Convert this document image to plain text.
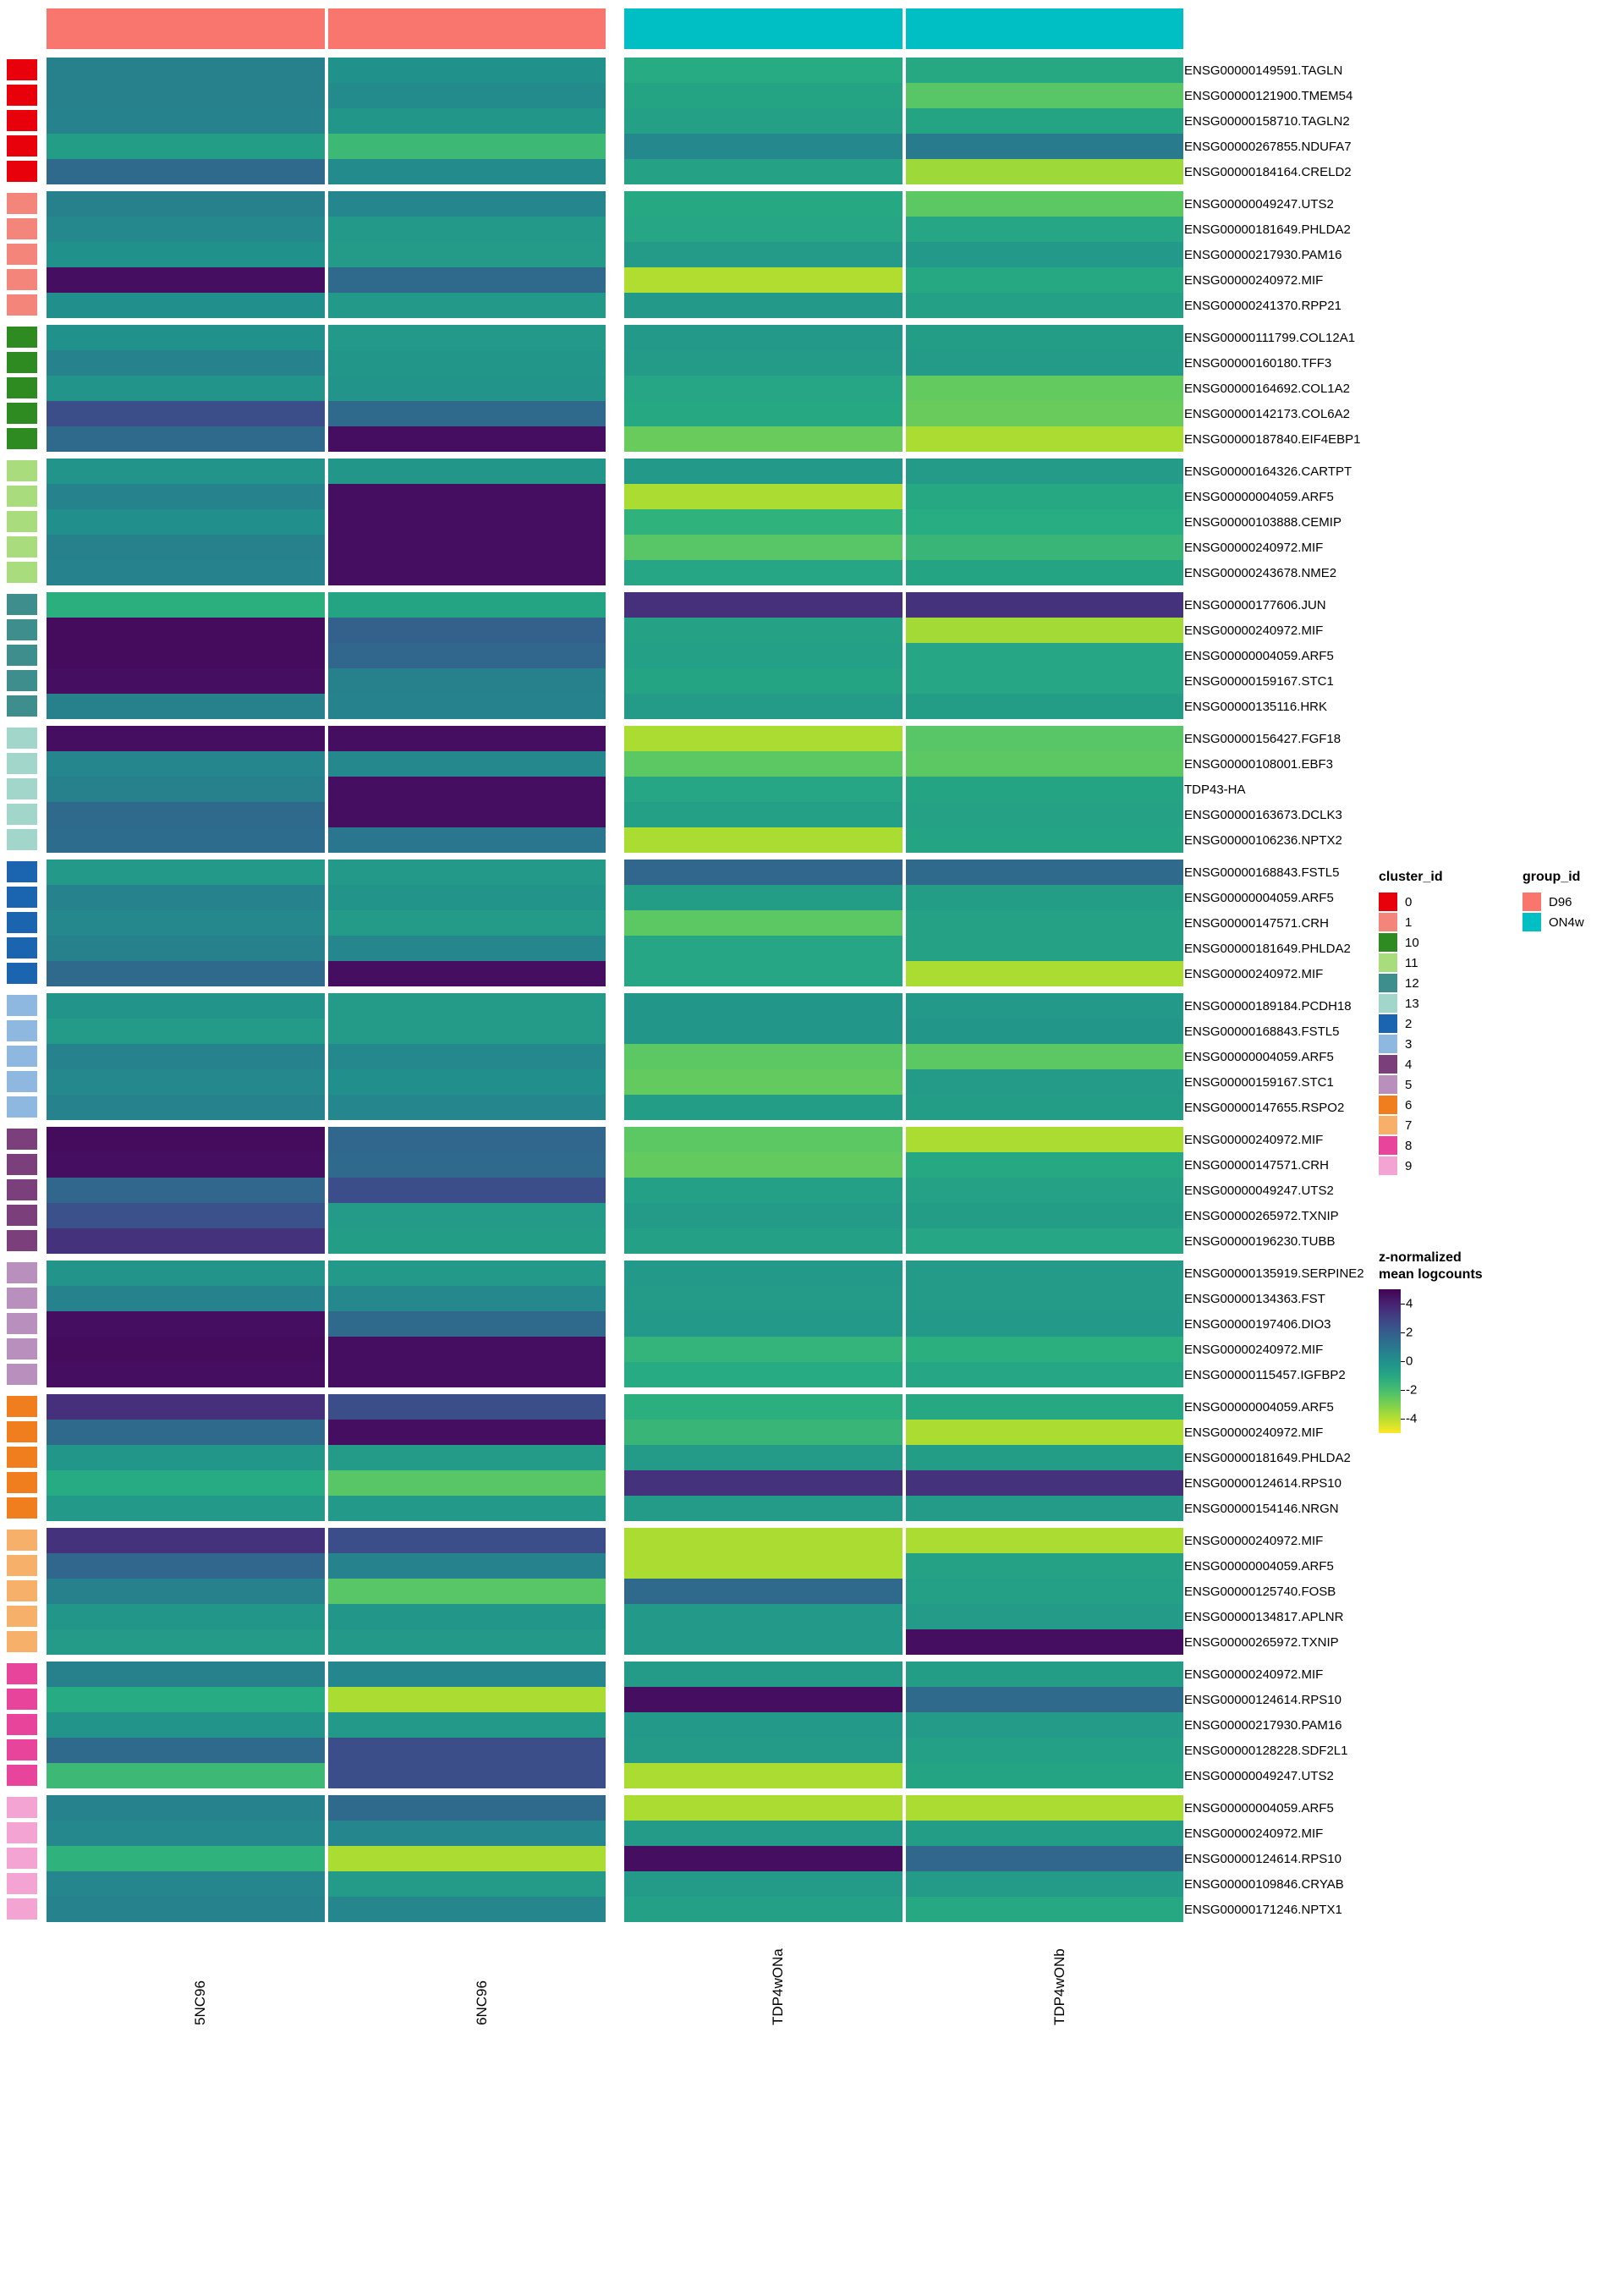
ENSG00000149591.TAGLN
ENSG00000121900.TMEM54
ENSG00000158710.TAGLN2
ENSG00000267855.NDUFA7
ENSG00000184164.CRELD2
ENSG00000049247.UTS2
ENSG00000181649.PHLDA2
ENSG00000217930.PAM16
ENSG00000240972.MIF
ENSG00000241370.RPP21
ENSG00000111799.COL12A1
ENSG00000160180.TFF3
ENSG00000164692.COL1A2
ENSG00000142173.COL6A2
ENSG00000187840.EIF4EBP1
ENSG00000164326.CARTPT
ENSG00000004059.ARF5
ENSG00000103888.CEMIP
ENSG00000240972.MIF
ENSG00000243678.NME2
ENSG00000177606.JUN
ENSG00000240972.MIF
ENSG00000004059.ARF5
ENSG00000159167.STC1
ENSG00000135116.HRK
ENSG00000156427.FGF18
ENSG00000108001.EBF3
TDP43-HA
ENSG00000163673.DCLK3
ENSG00000106236.NPTX2
ENSG00000168843.FSTL5
ENSG00000004059.ARF5
ENSG00000147571.CRH
ENSG00000181649.PHLDA2
ENSG00000240972.MIF
ENSG00000189184.PCDH18
ENSG00000168843.FSTL5
ENSG00000004059.ARF5
ENSG00000159167.STC1
ENSG00000147655.RSPO2
ENSG00000240972.MIF
ENSG00000147571.CRH
ENSG00000049247.UTS2
ENSG00000265972.TXNIP
ENSG00000196230.TUBB
ENSG00000135919.SERPINE2
ENSG00000134363.FST
ENSG00000197406.DIO3
ENSG00000240972.MIF
ENSG00000115457.IGFBP2
ENSG00000004059.ARF5
ENSG00000240972.MIF
ENSG00000181649.PHLDA2
ENSG00000124614.RPS10
ENSG00000154146.NRGN
ENSG00000240972.MIF
ENSG00000004059.ARF5
ENSG00000125740.FOSB
ENSG00000134817.APLNR
ENSG00000265972.TXNIP
ENSG00000240972.MIF
ENSG00000124614.RPS10
ENSG00000217930.PAM16
ENSG00000128228.SDF2L1
ENSG00000049247.UTS2
ENSG00000004059.ARF5
ENSG00000240972.MIF
ENSG00000124614.RPS10
ENSG00000109846.CRYAB
ENSG00000171246.NPTX1
5NC96	6NC96	TDP4wONa	TDP4wONb
cluster_id
0
1
10
11
12
13
2
3
4
5
6
7
8
9
group_id
D96
ON4w
z-normalized
mean logcounts
4
2
0
-2
-4
